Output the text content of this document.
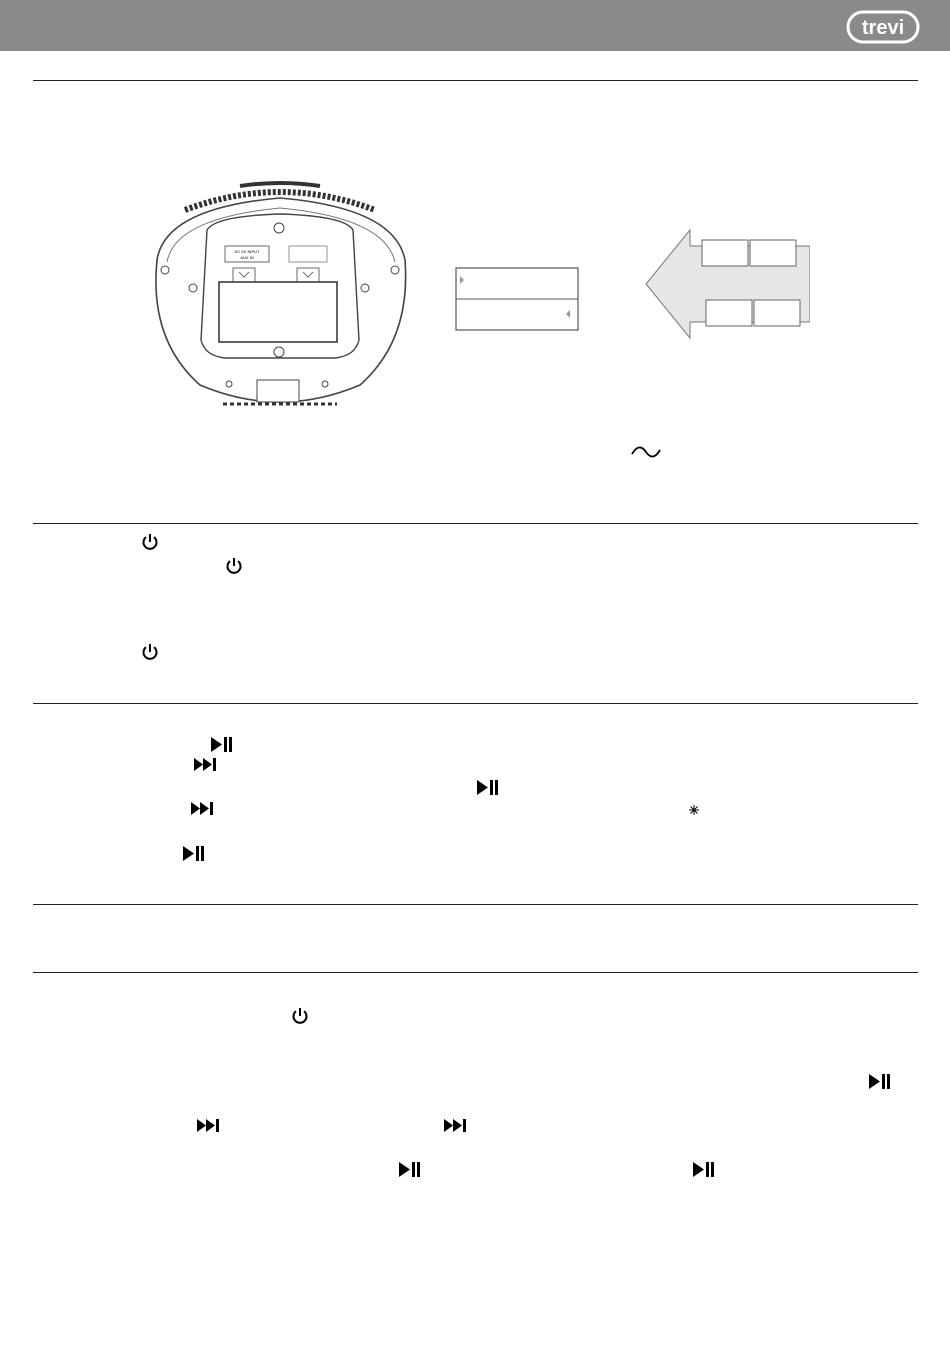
trevi
DC 5V INPUT
AUX IN
